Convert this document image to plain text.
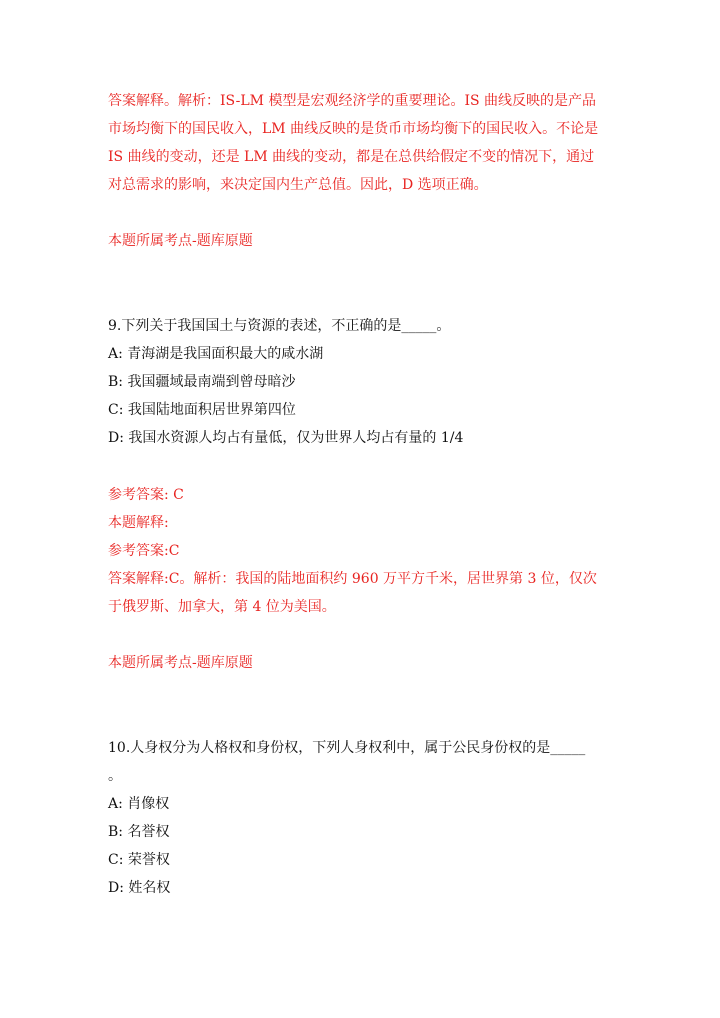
答案解释。解析：IS-LM 模型是宏观经济学的重要理论。IS 曲线反映的是产品
市场均衡下的国民收入，LM 曲线反映的是货币市场均衡下的国民收入。不论是
IS 曲线的变动，还是 LM 曲线的变动，都是在总供给假定不变的情况下，通过
对总需求的影响，来决定国内生产总值。因此，D 选项正确。
本题所属考点-题库原题
9.下列关于我国国土与资源的表述，不正确的是_____。
A: 青海湖是我国面积最大的咸水湖
B: 我国疆域最南端到曾母暗沙
C: 我国陆地面积居世界第四位
D: 我国水资源人均占有量低，仅为世界人均占有量的 1/4
参考答案: C
本题解释:
参考答案:C
答案解释:C。解析：我国的陆地面积约 960 万平方千米，居世界第 3 位，仅次
于俄罗斯、加拿大，第 4 位为美国。
本题所属考点-题库原题
10.人身权分为人格权和身份权，下列人身权利中，属于公民身份权的是_____
。
A: 肖像权
B: 名誉权
C: 荣誉权
D: 姓名权
